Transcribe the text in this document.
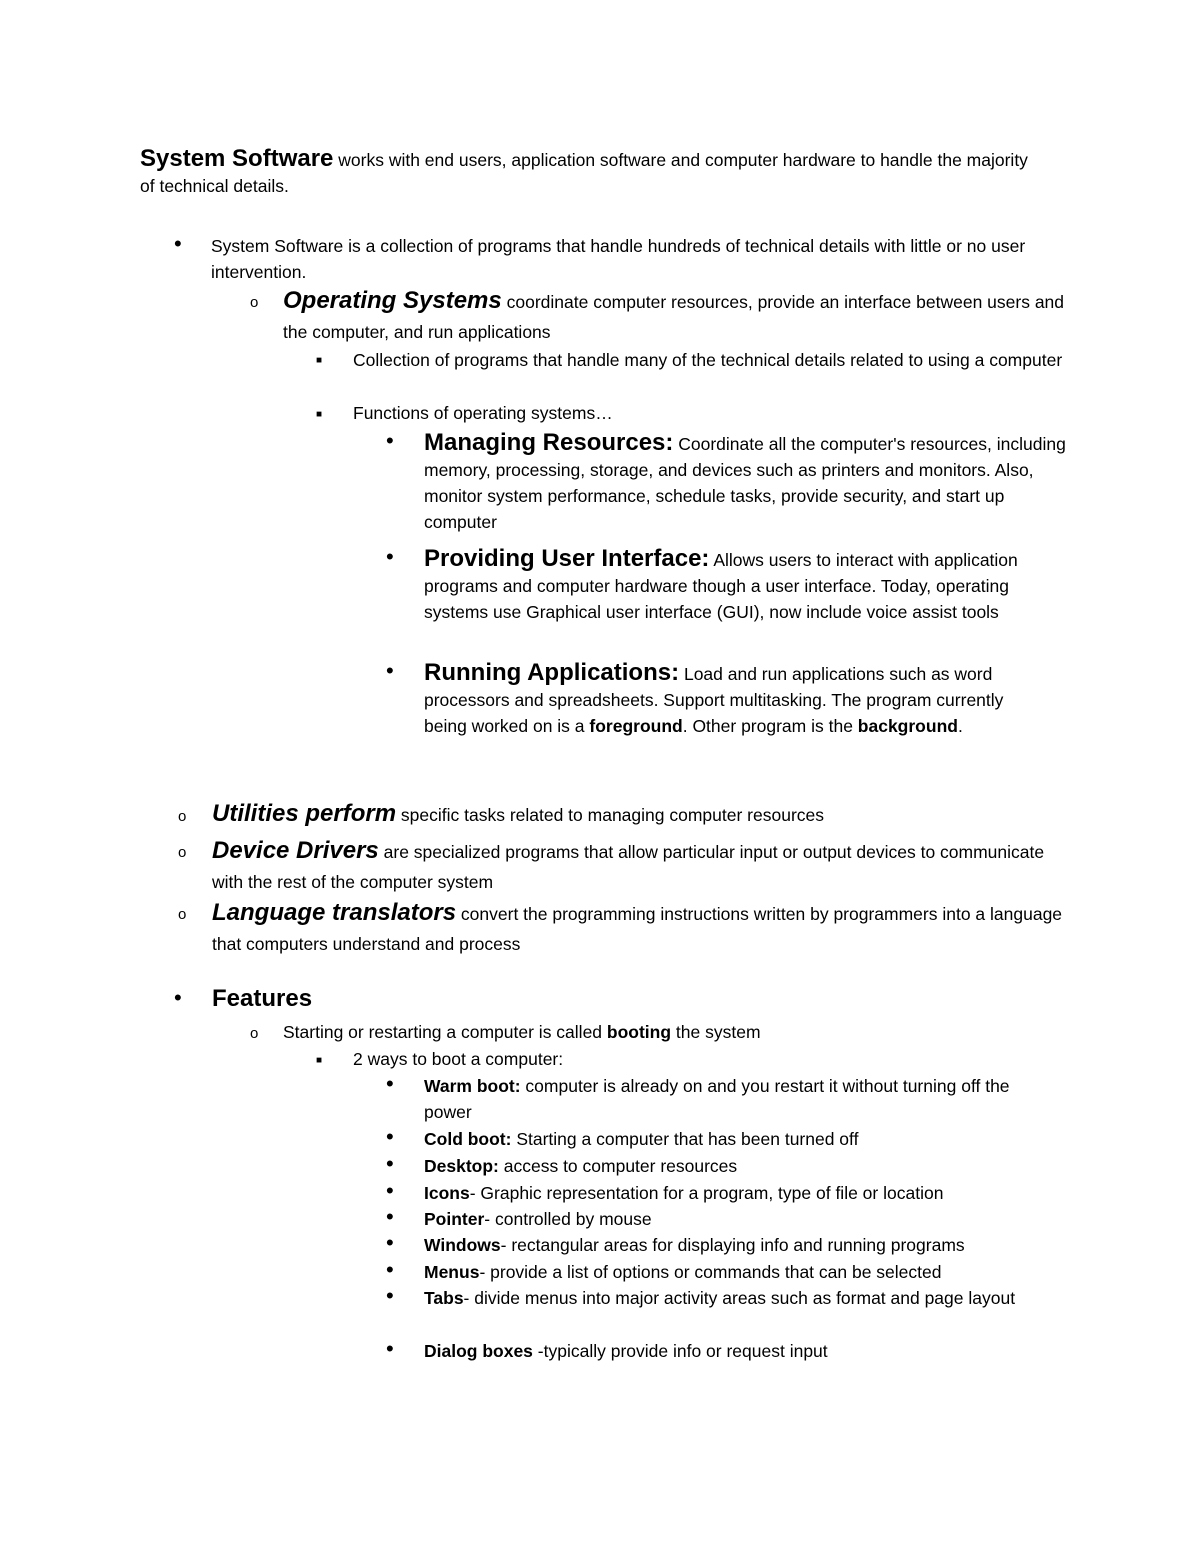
System Software works with end users, application software and computer hardware to handle the majority of technical details.
• System Software is a collection of programs that handle hundreds of technical details with little or no user intervention.
o Operating Systems coordinate computer resources, provide an interface between users and the computer, and run applications
■ Collection of programs that handle many of the technical details related to using a computer
■ Functions of operating systems…
• Managing Resources: Coordinate all the computer's resources, including memory, processing, storage, and devices such as printers and monitors. Also, monitor system performance, schedule tasks, provide security, and start up computer
• Providing User Interface: Allows users to interact with application programs and computer hardware though a user interface. Today, operating systems use Graphical user interface (GUI), now include voice assist tools
• Running Applications: Load and run applications such as word processors and spreadsheets. Support multitasking. The program currently being worked on is a foreground. Other program is the background.
o Utilities perform specific tasks related to managing computer resources
o Device Drivers are specialized programs that allow particular input or output devices to communicate with the rest of the computer system
o Language translators convert the programming instructions written by programmers into a language that computers understand and process
• Features
o Starting or restarting a computer is called booting the system
■ 2 ways to boot a computer:
• Warm boot: computer is already on and you restart it without turning off the power
• Cold boot: Starting a computer that has been turned off
• Desktop: access to computer resources
• Icons- Graphic representation for a program, type of file or location
• Pointer- controlled by mouse
• Windows- rectangular areas for displaying info and running programs
• Menus- provide a list of options or commands that can be selected
• Tabs- divide menus into major activity areas such as format and page layout
• Dialog boxes -typically provide info or request input
